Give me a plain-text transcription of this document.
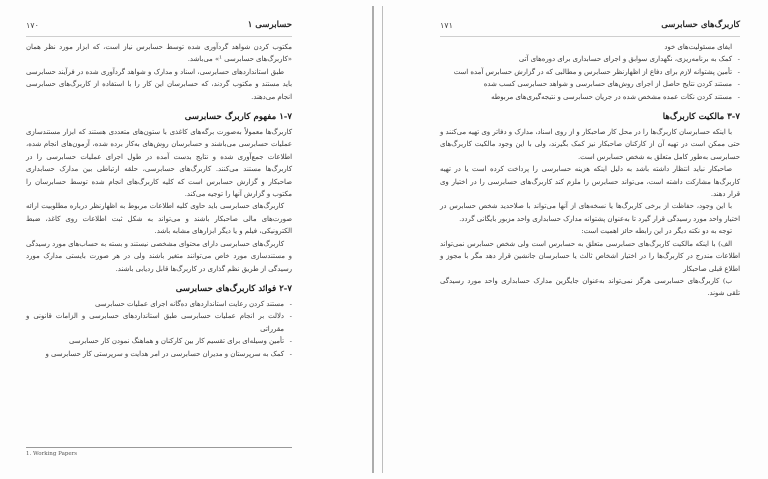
حسابرسی ۱
۱۷۰

مکتوب کردن شواهد گردآوری شده توسط حسابرس نیاز است، که ابزار مورد نظر همان «کاربرگ‌های حسابرسی ¹» می‌باشد.

طبق استانداردهای حسابرسی، اسناد و مدارک و شواهد گردآوری شده در فرآیند حسابرسی باید مستند و مکتوب گردند، که حسابرسان این کار را با استفاده از کاربرگ‌های حسابرسی انجام می‌دهند.

۱-۷ مفهوم کاربرگ حسابرسی

کاربرگ‌ها معمولاً به‌صورت برگه‌های کاغذی با ستون‌های متعددی هستند که ابزار مستندسازی عملیات حسابرسی می‌باشند و حسابرسان روش‌های به‌کار برده شده، آزمون‌های انجام شده، اطلاعات جمع‌آوری شده و نتایج بدست آمده در طول اجرای عملیات حسابرسی را در کاربرگ‌ها مستند می‌کنند. کاربرگ‌های حسابرسی، حلقه ارتباطی بین مدارک حسابداری صاحبکار و گزارش حسابرس است که کلیه کاربرگ‌های انجام شده توسط حسابرسان را مکتوب و گزارش آنها را توجیه می‌کند.

کاربرگ‌های حسابرسی باید حاوی کلیه اطلاعات مربوط به اظهارنظر درباره مطلوبیت ارائه صورت‌های مالی صاحبکار باشند و می‌تواند به شکل ثبت اطلاعات روی کاغذ، ضبط الکترونیکی، فیلم و یا دیگر ابزارهای مشابه باشد.

کاربرگ‌های حسابرسی دارای محتوای مشخصی نیستند و بسته به حساب‌های مورد رسیدگی و مستندسازی مورد خاص می‌توانند متغیر باشند ولی در هر صورت بایستی مدارک مورد رسیدگی از طریق نظم گذاری در کاربرگ‌ها قابل ردیابی باشند.

۲-۷ فوائد کاربرگ‌های حسابرسی
- مستند کردن رعایت استانداردهای ده‌گانه اجرای عملیات حسابرسی
- دلالت بر انجام عملیات حسابرسی طبق استانداردهای حسابرسی و الزامات قانونی و مقرراتی
- تأمین وسیله‌ای برای تقسیم کار بین کارکنان و هماهنگ نمودن کار حسابرسی
- کمک به سرپرستان و مدیران حسابرسی در امر هدایت و سرپرستی کار حسابرسی و
1. Working Papers
کاربرگ‌های حسابرسی
۱۷۱
ایفای مسئولیت‌های خود
- کمک به برنامه‌ریزی، نگهداری سوابق و اجرای حسابداری برای دوره‌های آتی
- تأمین پشتوانه لازم برای دفاع از اظهارنظر حسابرس و مطالبی که در گزارش حسابرس آمده است
- مستند کردن نتایج حاصل از اجرای روش‌های حسابرسی و شواهد حسابرسی کسب شده
- مستند کردن نکات عمده مشخص شده در جریان حسابرسی و نتیجه‌گیری‌های مربوطه
۳-۷ مالکیت کاربرگ‌ها

با اینکه حسابرسان کاربرگ‌ها را در محل کار صاحبکار و از روی اسناد، مدارک و دفاتر وی تهیه می‌کنند و حتی ممکن است در تهیه آن از کارکنان صاحبکار نیز کمک بگیرند، ولی با این وجود مالکیت کاربرگ‌های حسابرسی به‌طور کامل متعلق به شخص حسابرس است.

صاحبکار نباید انتظار داشته باشد به دلیل اینکه هزینه حسابرسی را پرداخت کرده است یا در تهیه کاربرگ‌ها مشارکت داشته است، می‌تواند حسابرس را ملزم کند کاربرگ‌های حسابرسی را در اختیار وی قرار دهند.

با این وجود، حفاظت از برخی کاربرگ‌ها یا نسخه‌های از آنها می‌تواند با صلاحدید شخص حسابرس در اختیار واحد مورد رسیدگی قرار گیرد تا به‌عنوان پشتوانه مدارک حسابداری واحد مزبور بایگانی گردد.

توجه به دو نکته دیگر در این رابطه حائز اهمیت است:

الف) با اینکه مالکیت کاربرگ‌های حسابرسی متعلق به حسابرس است ولی شخص حسابرس نمی‌تواند اطلاعات مندرج در کاربرگ‌ها را در اختیار اشخاص ثالث یا حسابرسان جانشین قرار دهد مگر با مجوز و اطلاع قبلی صاحبکار

ب) کاربرگ‌های حسابرسی هرگز نمی‌تواند به‌عنوان جایگزین مدارک حسابداری واحد مورد رسیدگی تلقی شوند.
